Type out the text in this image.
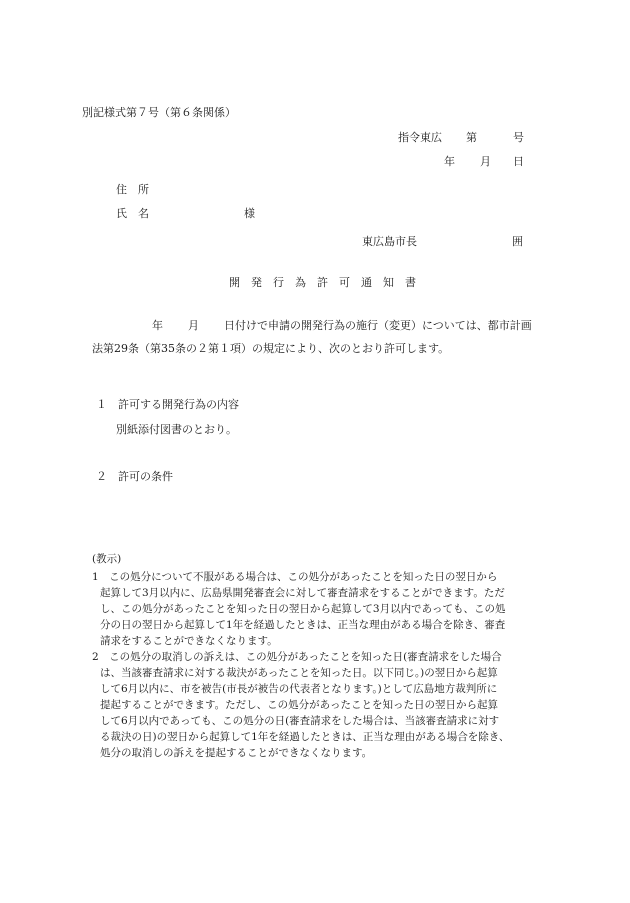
別記様式第７号（第６条関係）
指令東広 第	号
年 月 日
住　所
氏　名	様
東広島市長	囲
開　発　行　為　許　可　通　知　書
年 月 日付けで申請の開発行為の施行（変更）については、都市計画
法第29条（第35条の２第１項）の規定により、次のとおり許可します。
１　許可する開発行為の内容
別紙添付図書のとおり。
２　許可の条件
(教示)
1　この処分について不服がある場合は、この処分があったことを知った日の翌日から
起算して3月以内に、広島県開発審査会に対して審査請求をすることができます。ただ
し、この処分があったことを知った日の翌日から起算して3月以内であっても、この処
分の日の翌日から起算して1年を経過したときは、正当な理由がある場合を除き、審査
請求をすることができなくなります。
2　この処分の取消しの訴えは、この処分があったことを知った日(審査請求をした場合
は、当該審査請求に対する裁決があったことを知った日。以下同じ。)の翌日から起算
して6月以内に、市を被告(市長が被告の代表者となります。)として広島地方裁判所に
提起することができます。ただし、この処分があったことを知った日の翌日から起算
して6月以内であっても、この処分の日(審査請求をした場合は、当該審査請求に対す
る裁決の日)の翌日から起算して1年を経過したときは、正当な理由がある場合を除き、
処分の取消しの訴えを提起することができなくなります。
